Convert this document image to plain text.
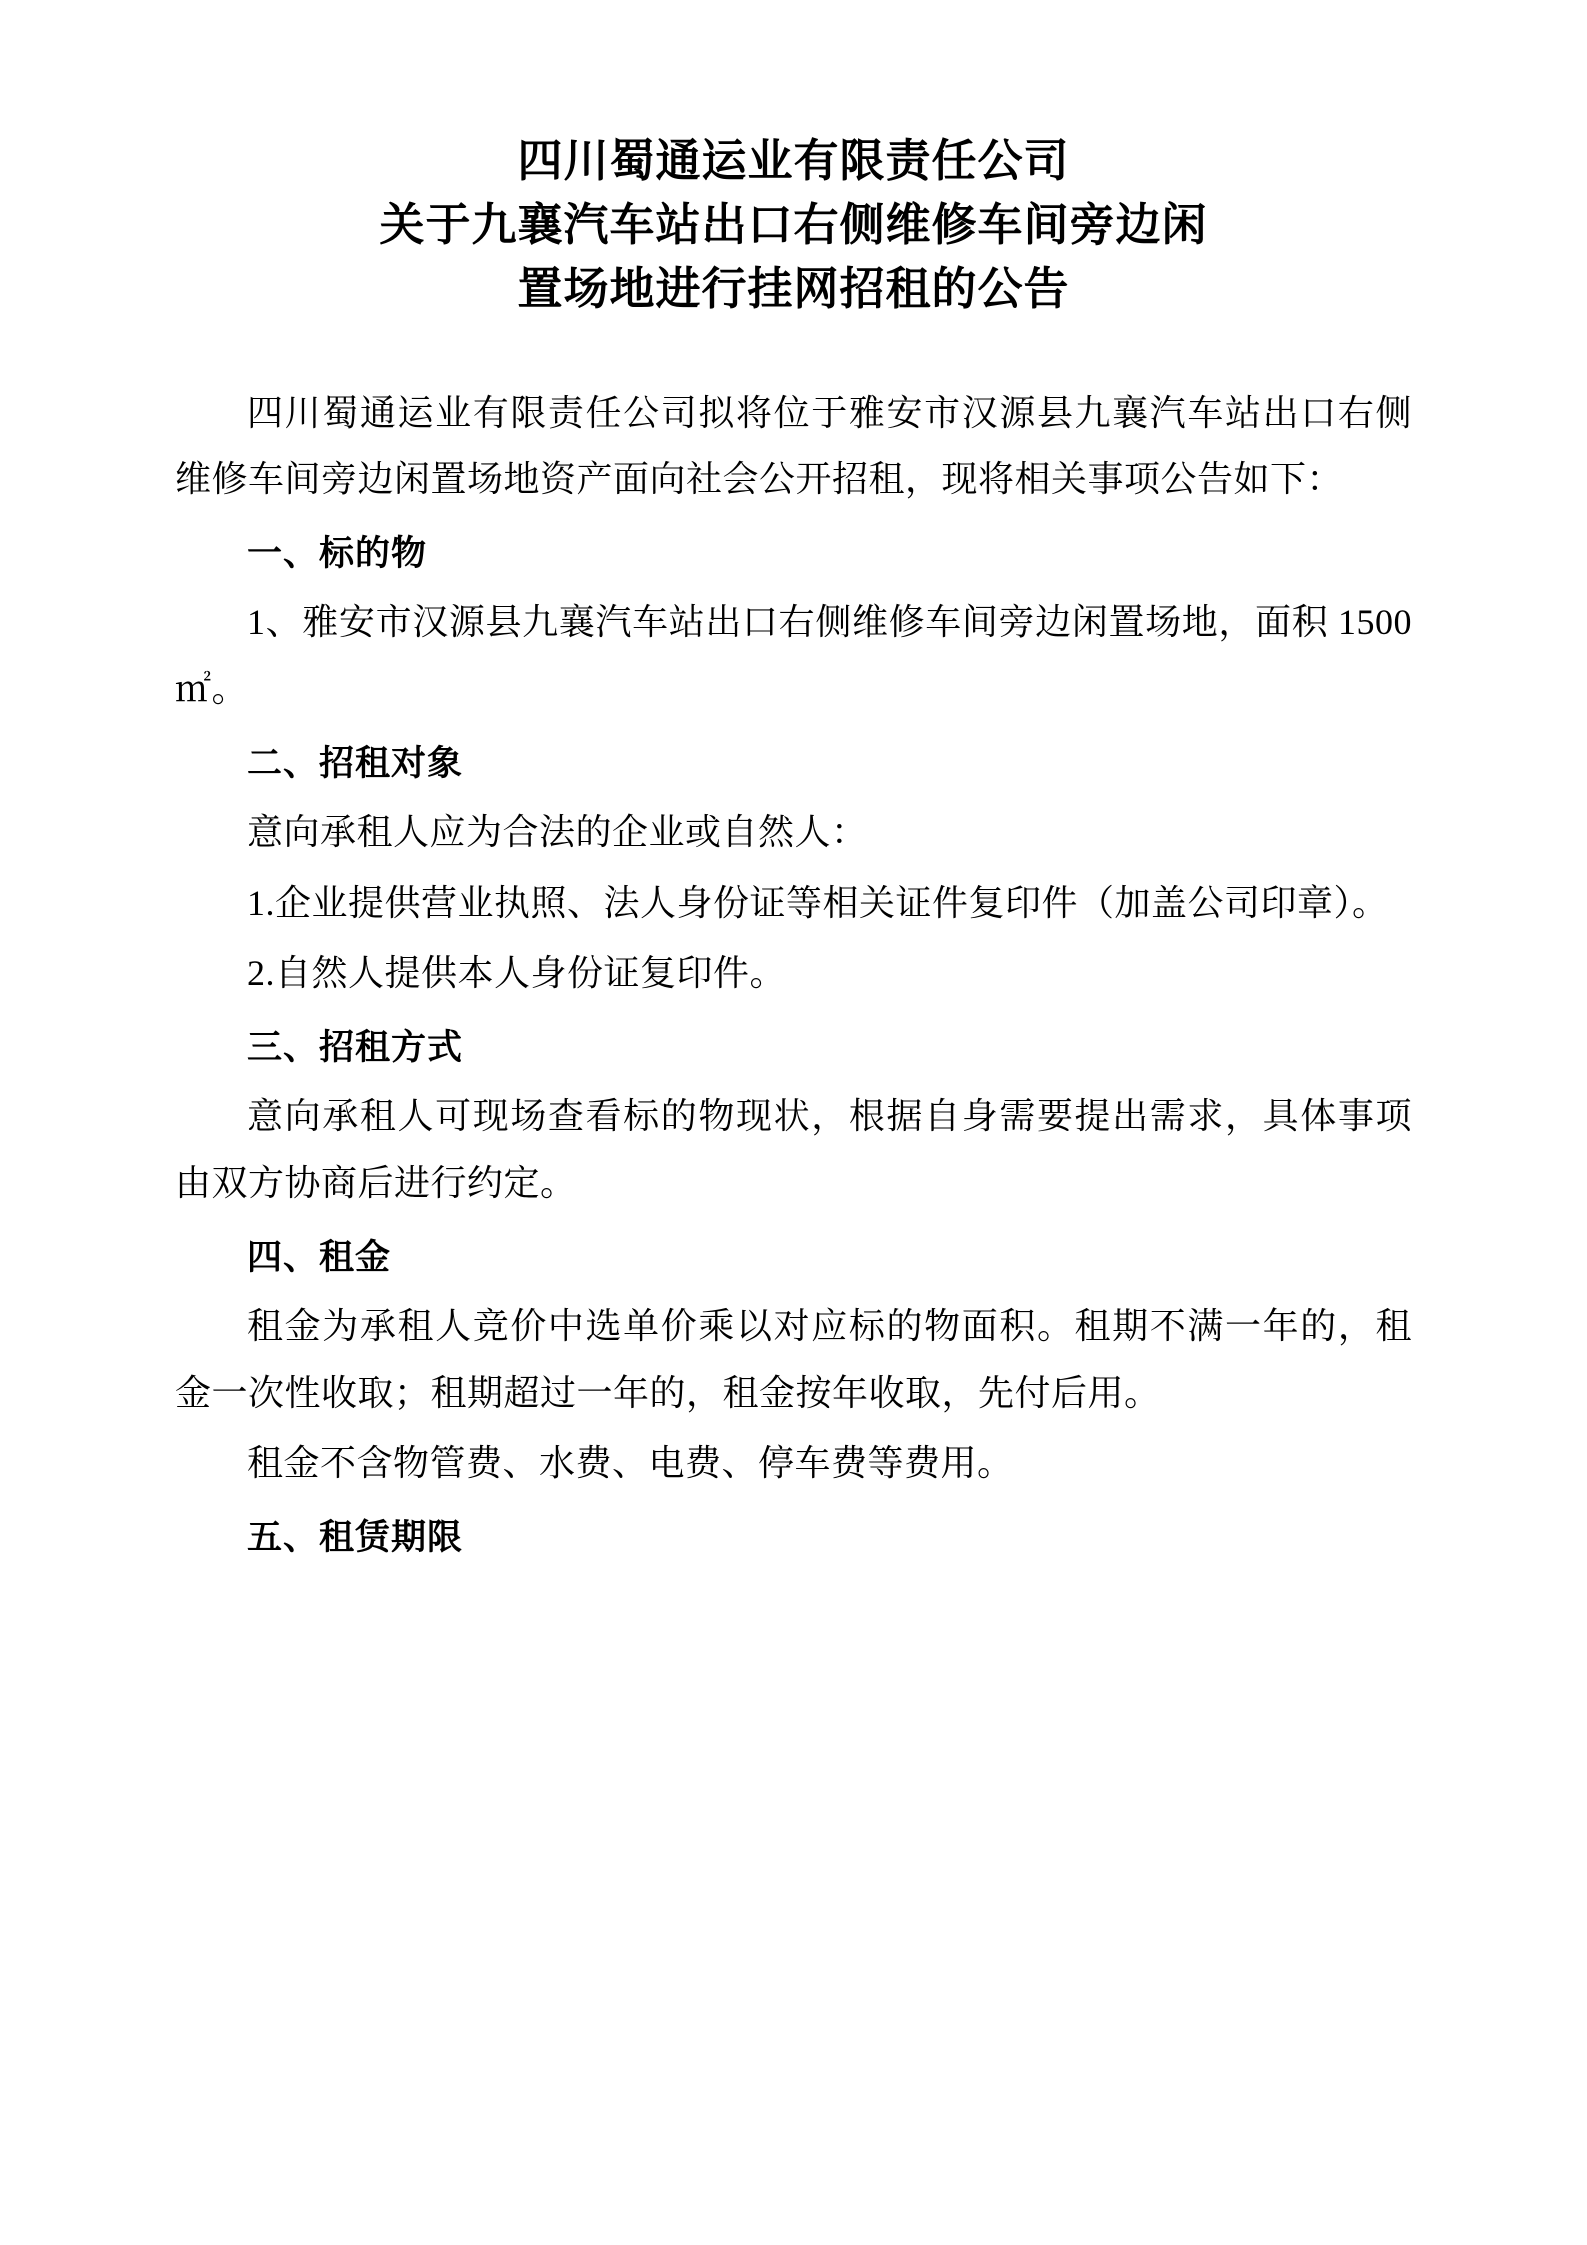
四川蜀通运业有限责任公司
关于九襄汽车站出口右侧维修车间旁边闲
置场地进行挂网招租的公告

四川蜀通运业有限责任公司拟将位于雅安市汉源县九襄汽车站出口右侧维修车间旁边闲置场地资产面向社会公开招租，现将相关事项公告如下：

一、标的物

1、雅安市汉源县九襄汽车站出口右侧维修车间旁边闲置场地，面积 1500 ㎡。

二、招租对象

意向承租人应为合法的企业或自然人：

1.企业提供营业执照、法人身份证等相关证件复印件（加盖公司印章）。

2.自然人提供本人身份证复印件。

三、招租方式

意向承租人可现场查看标的物现状，根据自身需要提出需求，具体事项由双方协商后进行约定。

四、租金

租金为承租人竞价中选单价乘以对应标的物面积。租期不满一年的，租金一次性收取；租期超过一年的，租金按年收取，先付后用。

租金不含物管费、水费、电费、停车费等费用。

五、租赁期限
